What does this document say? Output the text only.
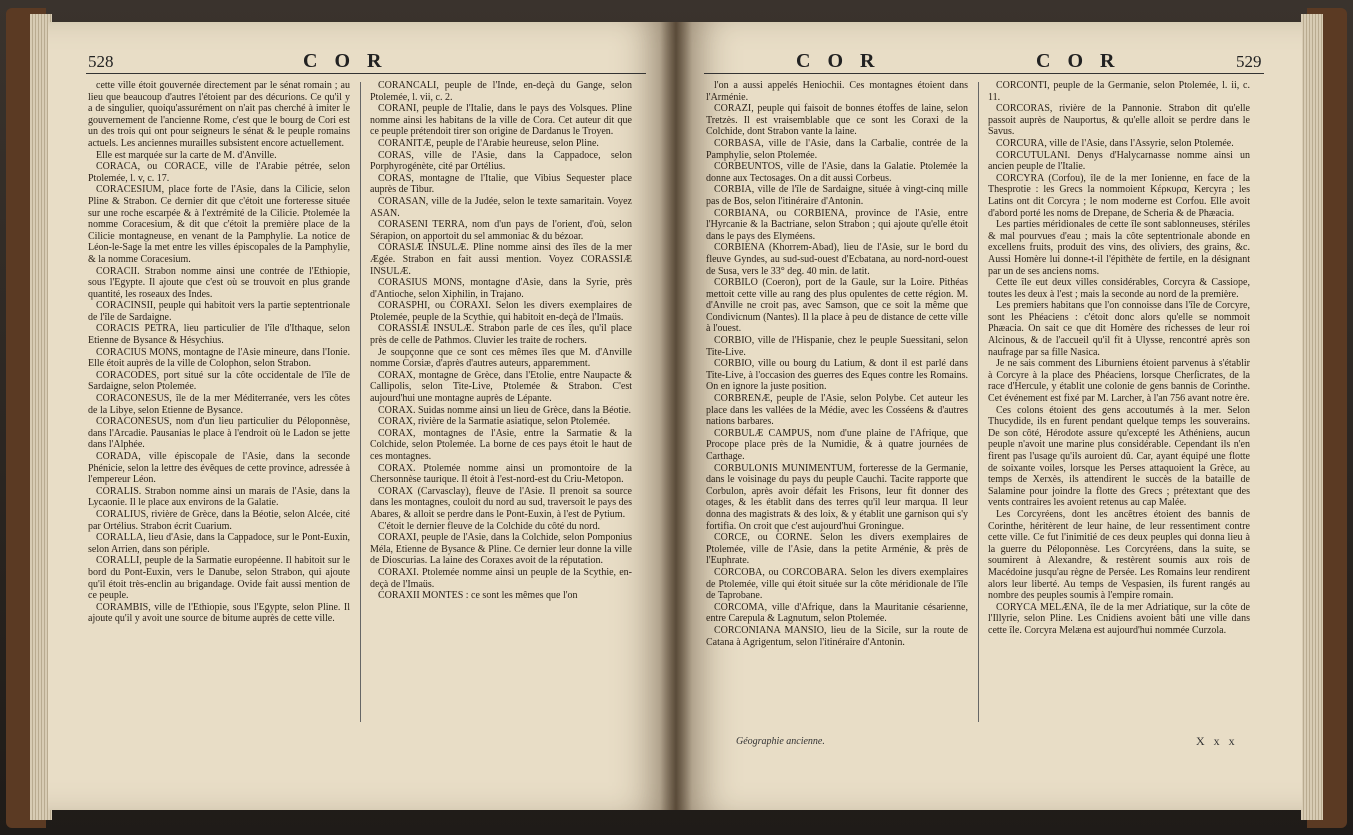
528	C O R

cette ville étoit gouvernée directement par le sénat romain ; au lieu que beaucoup d'autres l'étoient par des décurions. Ce qu'il y a de singulier, quoiqu'assurément on n'ait pas cherché à imiter le gouvernement de l'ancienne Rome, c'est que le bourg de Cori est un des trois qui ont pour seigneurs le sénat & le peuple romains actuels. Les anciennes murailles subsistent encore actuellement.

Elle est marquée sur la carte de M. d'Anville.

CORACA, ou CORACE, ville de l'Arabie pétrée, selon Ptolemée, l. v, c. 17.

CORACESIUM, place forte de l'Asie, dans la Cilicie, selon Pline & Strabon. Ce dernier dit que c'étoit une forteresse située sur une roche escarpée & à l'extrémité de la Cilicie. Ptolemée la nomme Coracesium, & dit que c'étoit la première place de la Cilicie montagneuse, en venant de la Pamphylie. La notice de Léon-le-Sage la met entre les villes épiscopales de la Pamphylie, & la nomme Coracesium.

CORACII. Strabon nomme ainsi une contrée de l'Ethiopie, sous l'Egypte. Il ajoute que c'est où se trouvoit en plus grande quantité, les roseaux des Indes.

CORACINSII, peuple qui habitoit vers la partie septentrionale de l'île de Sardaigne.

CORACIS PETRA, lieu particulier de l'île d'Ithaque, selon Etienne de Bysance & Hésychius.

CORACIUS MONS, montagne de l'Asie mineure, dans l'Ionie. Elle étoit auprès de la ville de Colophon, selon Strabon.

CORACODES, port situé sur la côte occidentale de l'île de Sardaigne, selon Ptolemée.

CORACONESUS, île de la mer Méditerranée, vers les côtes de la Libye, selon Etienne de Bysance.

CORACONESUS, nom d'un lieu particulier du Péloponnèse, dans l'Arcadie. Pausanias le place à l'endroit où le Ladon se jette dans l'Alphée.

CORADA, ville épiscopale de l'Asie, dans la seconde Phénicie, selon la lettre des évêques de cette province, adressée à l'empereur Léon.

CORALIS. Strabon nomme ainsi un marais de l'Asie, dans la Lycaonie. Il le place aux environs de la Galatie.

CORALIUS, rivière de Grèce, dans la Béotie, selon Alcée, cité par Ortélius. Strabon écrit Cuarium.

CORALLA, lieu d'Asie, dans la Cappadoce, sur le Pont-Euxin, selon Arrien, dans son périple.

CORALLI, peuple de la Sarmatie européenne. Il habitoit sur le bord du Pont-Euxin, vers le Danube, selon Strabon, qui ajoute qu'il étoit très-enclin au brigandage. Ovide fait aussi mention de ce peuple.

CORAMBIS, ville de l'Ethiopie, sous l'Egypte, selon Pline. Il ajoute qu'il y avoit une source de bitume auprès de cette ville.

CORANCALI, peuple de l'Inde, en-deçà du Gange, selon Ptolemée, l. vii, c. 2.

CORANI, peuple de l'Italie, dans le pays des Volsques. Pline nomme ainsi les habitans de la ville de Cora. Cet auteur dit que ce peuple prétendoit tirer son origine de Dardanus le Troyen.

CORANITÆ, peuple de l'Arabie heureuse, selon Pline.

CORAS, ville de l'Asie, dans la Cappadoce, selon Porphyrogénète, cité par Ortélius.

CORAS, montagne de l'Italie, que Vibius Sequester place auprès de Tibur.

CORASAN, ville de la Judée, selon le texte samaritain. Voyez ASAN.

CORASENI TERRA, nom d'un pays de l'orient, d'où, selon Sérapion, on apportoit du sel ammoniac & du bézoar.

CORASIÆ INSULÆ. Pline nomme ainsi des îles de la mer Ægée. Strabon en fait aussi mention. Voyez CORASSIÆ INSULÆ.

CORASIUS MONS, montagne d'Asie, dans la Syrie, près d'Antioche, selon Xiphilin, in Trajano.

CORASPHI, ou CORAXI. Selon les divers exemplaires de Ptolemée, peuple de la Scythie, qui habitoit en-deçà de l'Imaüs.

CORASSIÆ INSULÆ. Strabon parle de ces îles, qu'il place près de celle de Pathmos. Cluvier les traite de rochers.

Je soupçonne que ce sont ces mêmes îles que M. d'Anville nomme Corsiæ, d'après d'autres auteurs, apparemment.

CORAX, montagne de Grèce, dans l'Etolie, entre Naupacte & Callipolis, selon Tite-Live, Ptolemée & Strabon. C'est aujourd'hui une montagne auprès de Lépante.

CORAX. Suidas nomme ainsi un lieu de Grèce, dans la Béotie.

CORAX, rivière de la Sarmatie asiatique, selon Ptolemée.

CORAX, montagnes de l'Asie, entre la Sarmatie & la Colchide, selon Ptolemée. La borne de ces pays étoit le haut de ces montagnes.

CORAX. Ptolemée nomme ainsi un promontoire de la Chersonnèse taurique. Il étoit à l'est-nord-est du Criu-Metopon.

CORAX (Carvasclay), fleuve de l'Asie. Il prenoit sa source dans les montagnes, couloit du nord au sud, traversoit le pays des Abares, & alloit se perdre dans le Pont-Euxin, à l'est de Pytium.

C'étoit le dernier fleuve de la Colchide du côté du nord.

CORAXI, peuple de l'Asie, dans la Colchide, selon Pomponius Méla, Etienne de Bysance & Pline. Ce dernier leur donne la ville de Dioscurias. La laine des Coraxes avoit de la réputation.

CORAXI. Ptolemée nomme ainsi un peuple de la Scythie, en-deçà de l'Imaüs.

CORAXII MONTES : ce sont les mêmes que l'on

C O R	C O R	529

l'on a aussi appelés Heniochii. Ces montagnes étoient dans l'Arménie.

CORAZI, peuple qui faisoit de bonnes étoffes de laine, selon Tretzès. Il est vraisemblable que ce sont les Coraxi de la Colchide, dont Strabon vante la laine.

CORBASA, ville de l'Asie, dans la Carbalie, contrée de la Pamphylie, selon Ptolemée.

CORBEUNTOS, ville de l'Asie, dans la Galatie. Ptolemée la donne aux Tectosages. On a dit aussi Corbeus.

CORBIA, ville de l'île de Sardaigne, située à vingt-cinq mille pas de Bos, selon l'itinéraire d'Antonin.

CORBIANA, ou CORBIENA, province de l'Asie, entre l'Hyrcanie & la Bactriane, selon Strabon ; qui ajoute qu'elle étoit dans le pays des Elyméens.

CORBIENA (Khorrem-Abad), lieu de l'Asie, sur le bord du fleuve Gyndes, au sud-sud-ouest d'Ecbatana, au nord-nord-ouest de Susa, vers le 33° deg. 40 min. de latit.

CORBILO (Coeron), port de la Gaule, sur la Loire. Pithéas mettoit cette ville au rang des plus opulentes de cette région. M. d'Anville ne croit pas, avec Samson, que ce soit la même que Condivicnum (Nantes). Il la place à peu de distance de cette ville à l'ouest.

CORBIO, ville de l'Hispanie, chez le peuple Suessitani, selon Tite-Live.

CORBIO, ville ou bourg du Latium, & dont il est parlé dans Tite-Live, à l'occasion des guerres des Eques contre les Romains. On en ignore la juste position.

CORBRENÆ, peuple de l'Asie, selon Polybe. Cet auteur les place dans les vallées de la Médie, avec les Cosséens & d'autres nations barbares.

CORBULÆ CAMPUS, nom d'une plaine de l'Afrique, que Procope place près de la Numidie, & à quatre journées de Carthage.

CORBULONIS MUNIMENTUM, forteresse de la Germanie, dans le voisinage du pays du peuple Cauchi. Tacite rapporte que Corbulon, après avoir défait les Frisons, leur fit donner des otages, & les établit dans des terres qu'il leur marqua. Il leur donna des magistrats & des loix, & y établit une garnison qui s'y fortifia. On croit que c'est aujourd'hui Groningue.

CORCE, ou CORNE. Selon les divers exemplaires de Ptolemée, ville de l'Asie, dans la petite Arménie, & près de l'Euphrate.

CORCOBA, ou CORCOBARA. Selon les divers exemplaires de Ptolemée, ville qui étoit située sur la côte méridionale de l'île de Taprobane.

CORCOMA, ville d'Afrique, dans la Mauritanie césarienne, entre Carepula & Lagnutum, selon Ptolemée.

CORCONIANA MANSIO, lieu de la Sicile, sur la route de Catana à Agrigentum, selon l'itinéraire d'Antonin.

Géographie ancienne.

CORCONTI, peuple de la Germanie, selon Ptolemée, l. ii, c. 11.

CORCORAS, rivière de la Pannonie. Strabon dit qu'elle passoit auprès de Nauportus, & qu'elle alloit se perdre dans le Savus.

CORCURA, ville de l'Asie, dans l'Assyrie, selon Ptolemée.

CORCUTULANI. Denys d'Halycarnasse nomme ainsi un ancien peuple de l'Italie.

CORCYRA (Corfou), île de la mer Ionienne, en face de la Thesprotie : les Grecs la nommoient Κέρκυρα, Kercyra ; les Latins ont dit Corcyra ; le nom moderne est Corfou. Elle avoit d'abord porté les noms de Drepane, de Scheria & de Phæacia.

Les parties méridionales de cette île sont sablonneuses, stériles & mal pourvues d'eau ; mais la côte septentrionale abonde en excellens fruits, produit des vins, des oliviers, des grains, &c. Aussi Homère lui donne-t-il l'épithète de fertile, en la désignant par un de ses anciens noms.

Cette île eut deux villes considérables, Corcyra & Cassiope, toutes les deux à l'est ; mais la seconde au nord de la première.

Les premiers habitans que l'on connoisse dans l'île de Corcyre, sont les Phéaciens : c'étoit donc alors qu'elle se nommoit Phæacia. On sait ce que dit Homère des richesses de leur roi Alcinous, & de l'accueil qu'il fit à Ulysse, rencontré après son naufrage par sa fille Nasica.

Je ne sais comment des Liburniens étoient parvenus à s'établir à Corcyre à la place des Phéaciens, lorsque Cherſicrates, de la race d'Hercule, y établit une colonie de gens bannis de Corinthe. Cet événement est fixé par M. Larcher, à l'an 756 avant notre ère.

Ces colons étoient des gens accoutumés à la mer. Selon Thucydide, ils en furent pendant quelque temps les souverains. De son côté, Hérodote assure qu'excepté les Athéniens, aucun peuple n'avoit une marine plus considérable. Cependant ils n'en firent pas l'usage qu'ils auroient dû. Car, ayant équipé une flotte de soixante voiles, lorsque les Perses attaquoient la Grèce, au temps de Xerxès, ils attendirent le succès de la bataille de Salamine pour joindre la flotte des Grecs ; prétextant que des vents contraires les avoient retenus au cap Malée.

Les Corcyréens, dont les ancêtres étoient des bannis de Corinthe, héritèrent de leur haine, de leur ressentiment contre cette ville. Ce fut l'inimitié de ces deux peuples qui donna lieu à la guerre du Péloponnèse. Les Corcyréens, dans la suite, se soumirent à Alexandre, & restèrent soumis aux rois de Macédoine jusqu'au règne de Persée. Les Romains leur rendirent alors leur liberté. Au temps de Vespasien, ils furent rangés au nombre des peuples soumis à l'empire romain.

CORYCA MELÆNA, île de la mer Adriatique, sur la côte de l'Illyrie, selon Pline. Les Cnidiens avoient bâti une ville dans cette île. Corcyra Melæna est aujourd'hui nommée Curzola.

X x x
